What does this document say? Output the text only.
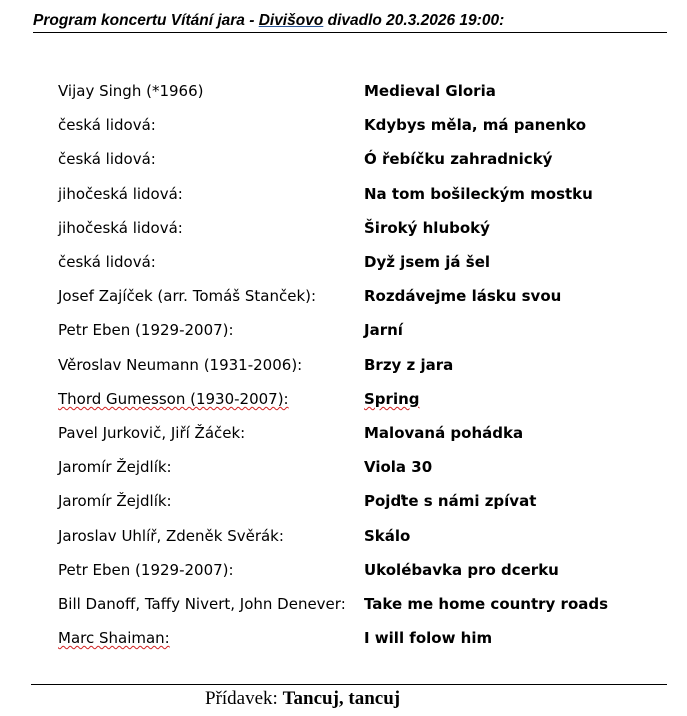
Program koncertu Vítání jara - Divišovo divadlo 20.3.2026 19:00:
Vijay Singh (*1966)	Medieval Gloria
česká lidová:	Kdybys měla, má panenko
česká lidová:	Ó řebíčku zahradnický
jihočeská lidová:	Na tom bošileckým mostku
jihočeská lidová:	Široký hluboký
česká lidová:	Dyž jsem já šel
Josef Zajíček (arr. Tomáš Stanček):	Rozdávejme lásku svou
Petr Eben (1929-2007):	Jarní
Věroslav Neumann (1931-2006):	Brzy z jara
Thord Gumesson (1930-2007):	Spring
Pavel Jurkovič, Jiří Žáček:	Malovaná pohádka
Jaromír Žejdlík:	Viola 30
Jaromír Žejdlík:	Pojďte s námi zpívat
Jaroslav Uhlíř, Zdeněk Svěrák:	Skálo
Petr Eben (1929-2007):	Ukolébavka pro dcerku
Bill Danoff, Taffy Nivert, John Denever:	Take me home country roads
Marc Shaiman:	I will folow him
Přídavek: Tancuj, tancuj
